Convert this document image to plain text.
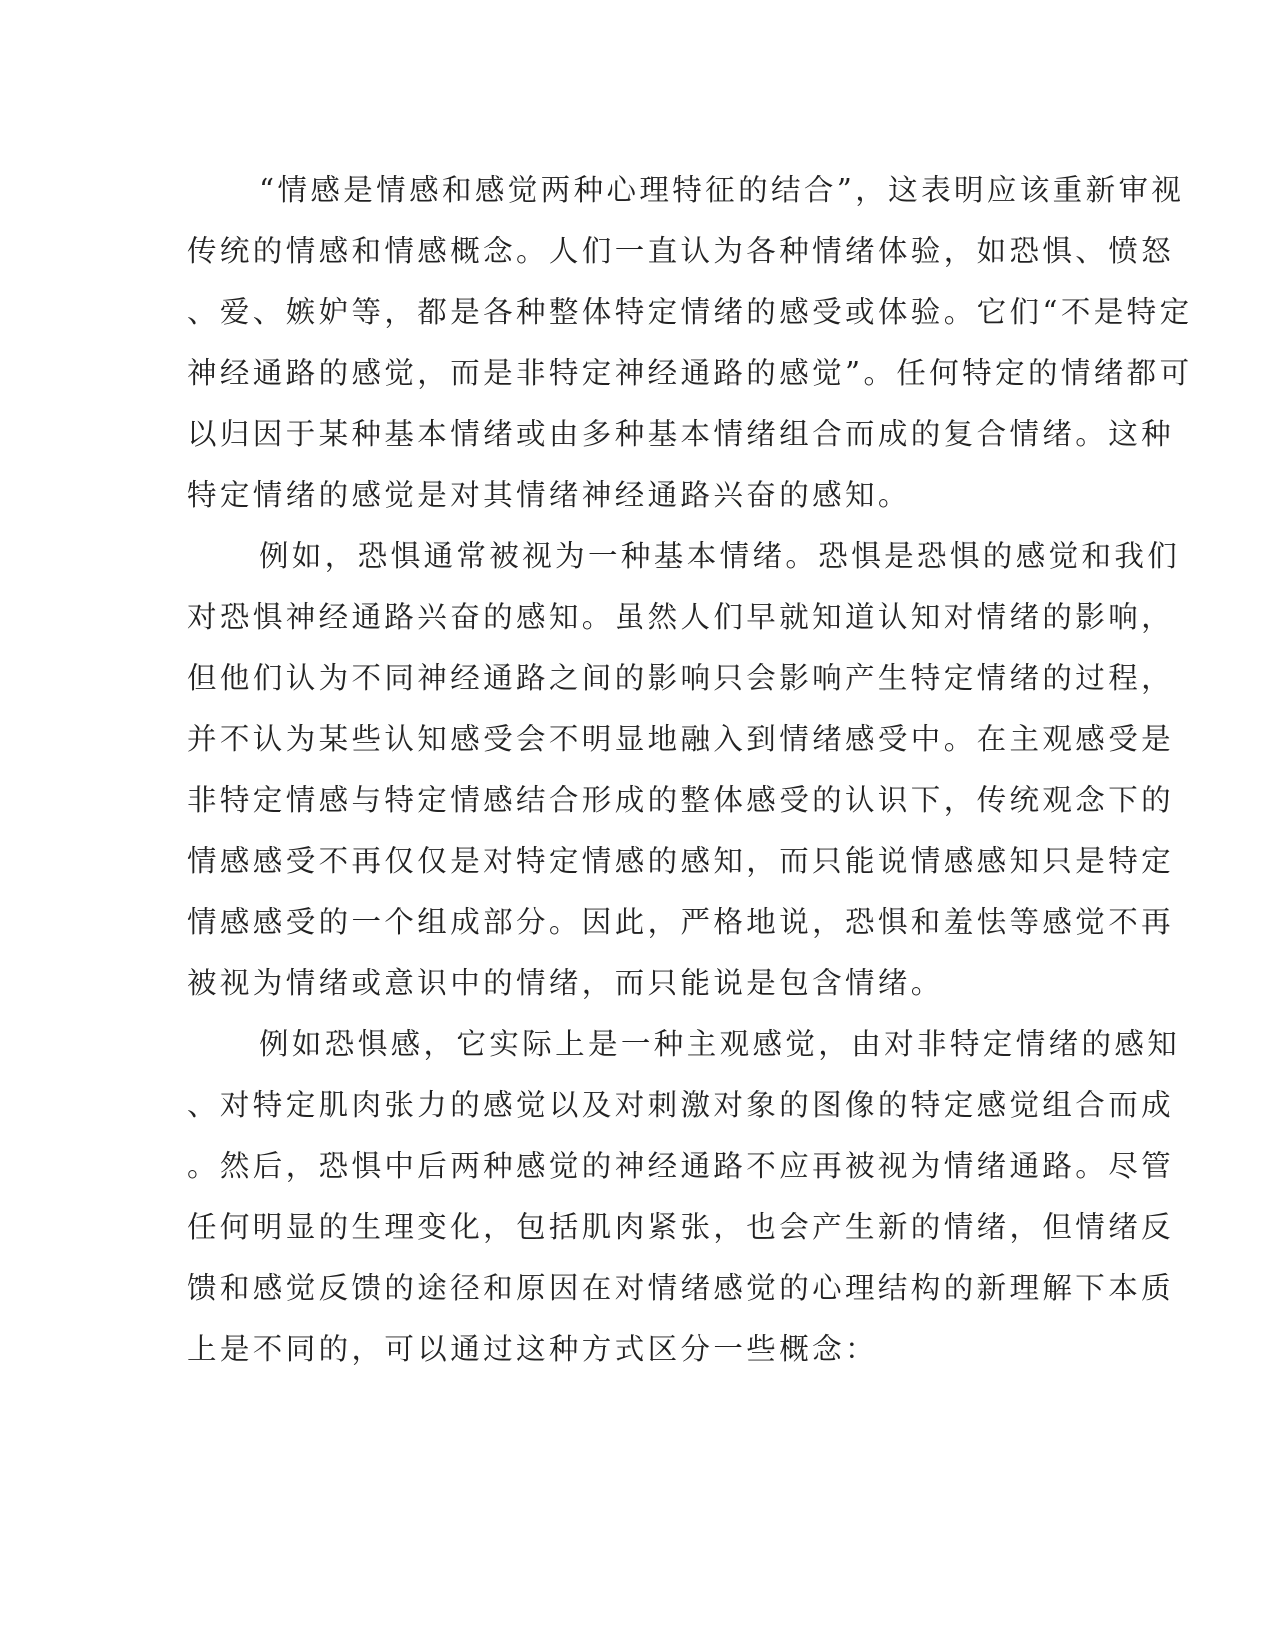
“情感是情感和感觉两种心理特征的结合”，这表明应该重新审视
传统的情感和情感概念。人们一直认为各种情绪体验，如恐惧、愤怒
、爱、嫉妒等，都是各种整体特定情绪的感受或体验。它们“不是特定
神经通路的感觉，而是非特定神经通路的感觉”。任何特定的情绪都可
以归因于某种基本情绪或由多种基本情绪组合而成的复合情绪。这种
特定情绪的感觉是对其情绪神经通路兴奋的感知。

例如，恐惧通常被视为一种基本情绪。恐惧是恐惧的感觉和我们
对恐惧神经通路兴奋的感知。虽然人们早就知道认知对情绪的影响，
但他们认为不同神经通路之间的影响只会影响产生特定情绪的过程，
并不认为某些认知感受会不明显地融入到情绪感受中。在主观感受是
非特定情感与特定情感结合形成的整体感受的认识下，传统观念下的
情感感受不再仅仅是对特定情感的感知，而只能说情感感知只是特定
情感感受的一个组成部分。因此，严格地说，恐惧和羞怯等感觉不再
被视为情绪或意识中的情绪，而只能说是包含情绪。

例如恐惧感，它实际上是一种主观感觉，由对非特定情绪的感知
、对特定肌肉张力的感觉以及对刺激对象的图像的特定感觉组合而成
。然后，恐惧中后两种感觉的神经通路不应再被视为情绪通路。尽管
任何明显的生理变化，包括肌肉紧张，也会产生新的情绪，但情绪反
馈和感觉反馈的途径和原因在对情绪感觉的心理结构的新理解下本质
上是不同的，可以通过这种方式区分一些概念：
